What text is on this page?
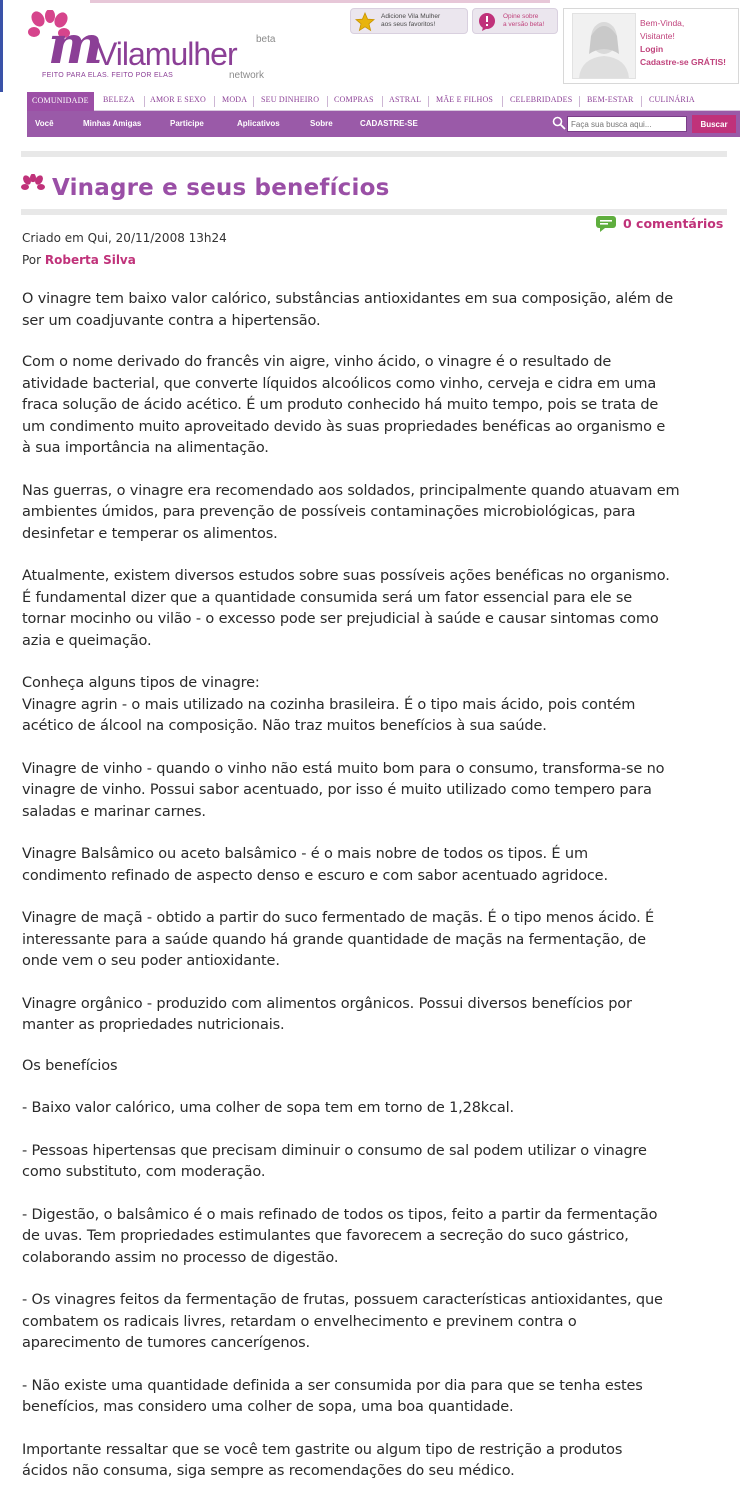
m
Vilamulher beta
FEITO PARA ELAS. FEITO POR ELAS	network
Adicione Vila Mulher
aos seus favoritos!
Opine sobre
a versão beta!	Bem-Vinda,
Visitante!
Login
Cadastre-se GRÁTIS!
COMUNIDADE	BELEZA AMOR E SEXO MODA SEU DINHEIRO COMPRAS ASTRAL MÃE E FILHOS CELEBRIDADES BEM-ESTAR CULINÁRIA
Você	Minhas Amigas	Participe	Aplicativos	Sobre	CADASTRE-SE
Faça sua busca aqui...	Buscar
Vinagre e seus benefícios
0 comentários
Criado em Qui, 20/11/2008 13h24
Por Roberta Silva

O vinagre tem baixo valor calórico, substâncias antioxidantes em sua composição, além de
ser um coadjuvante contra a hipertensão.

Com o nome derivado do francês vin aigre, vinho ácido, o vinagre é o resultado de
atividade bacterial, que converte líquidos alcoólicos como vinho, cerveja e cidra em uma
fraca solução de ácido acético. É um produto conhecido há muito tempo, pois se trata de
um condimento muito aproveitado devido às suas propriedades benéficas ao organismo e
à sua importância na alimentação.

Nas guerras, o vinagre era recomendado aos soldados, principalmente quando atuavam em
ambientes úmidos, para prevenção de possíveis contaminações microbiológicas, para
desinfetar e temperar os alimentos.

Atualmente, existem diversos estudos sobre suas possíveis ações benéficas no organismo.
É fundamental dizer que a quantidade consumida será um fator essencial para ele se
tornar mocinho ou vilão - o excesso pode ser prejudicial à saúde e causar sintomas como
azia e queimação.

Conheça alguns tipos de vinagre:
Vinagre agrin - o mais utilizado na cozinha brasileira. É o tipo mais ácido, pois contém
acético de álcool na composição. Não traz muitos benefícios à sua saúde.

Vinagre de vinho - quando o vinho não está muito bom para o consumo, transforma-se no
vinagre de vinho. Possui sabor acentuado, por isso é muito utilizado como tempero para
saladas e marinar carnes.

Vinagre Balsâmico ou aceto balsâmico - é o mais nobre de todos os tipos. É um
condimento refinado de aspecto denso e escuro e com sabor acentuado agridoce.

Vinagre de maçã - obtido a partir do suco fermentado de maçãs. É o tipo menos ácido. É
interessante para a saúde quando há grande quantidade de maçãs na fermentação, de
onde vem o seu poder antioxidante.

Vinagre orgânico - produzido com alimentos orgânicos. Possui diversos benefícios por
manter as propriedades nutricionais.

Os benefícios

- Baixo valor calórico, uma colher de sopa tem em torno de 1,28kcal.

- Pessoas hipertensas que precisam diminuir o consumo de sal podem utilizar o vinagre
como substituto, com moderação.

- Digestão, o balsâmico é o mais refinado de todos os tipos, feito a partir da fermentação
de uvas. Tem propriedades estimulantes que favorecem a secreção do suco gástrico,
colaborando assim no processo de digestão.

- Os vinagres feitos da fermentação de frutas, possuem características antioxidantes, que
combatem os radicais livres, retardam o envelhecimento e previnem contra o
aparecimento de tumores cancerígenos.

- Não existe uma quantidade definida a ser consumida por dia para que se tenha estes
benefícios, mas considero uma colher de sopa, uma boa quantidade.

Importante ressaltar que se você tem gastrite ou algum tipo de restrição a produtos
ácidos não consuma, siga sempre as recomendações do seu médico.
